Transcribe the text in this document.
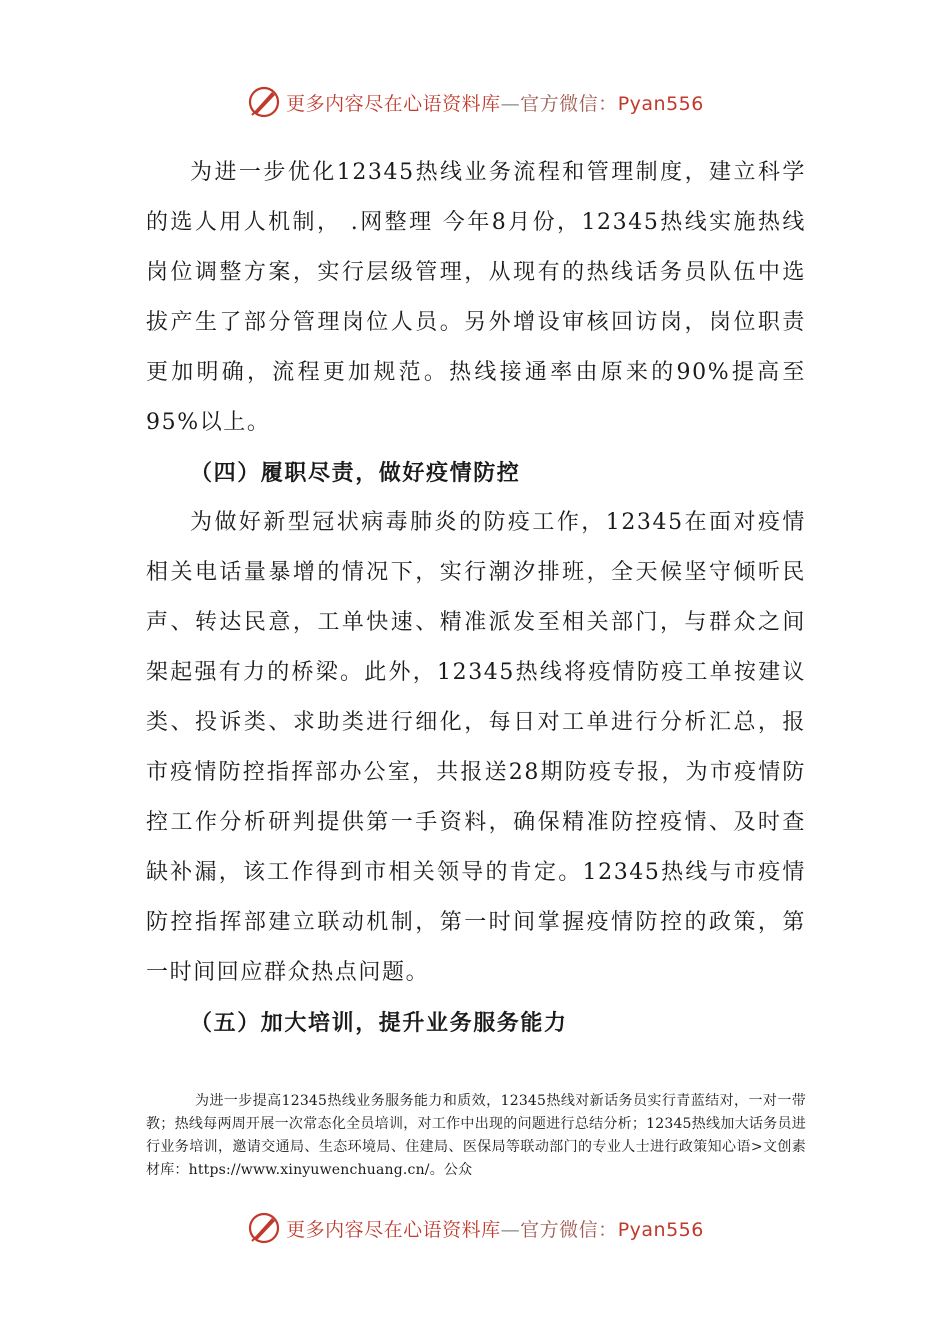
更多内容尽在心语资料库—官方微信：Pyan556

为进一步优化12345热线业务流程和管理制度，建立科学的选人用人机制， .网整理 今年8月份，12345热线实施热线岗位调整方案，实行层级管理，从现有的热线话务员队伍中选拔产生了部分管理岗位人员。另外增设审核回访岗，岗位职责更加明确，流程更加规范。热线接通率由原来的90%提高至95%以上。

（四）履职尽责，做好疫情防控

为做好新型冠状病毒肺炎的防疫工作，12345在面对疫情相关电话量暴增的情况下，实行潮汐排班，全天候坚守倾听民声、转达民意，工单快速、精准派发至相关部门，与群众之间架起强有力的桥梁。此外，12345热线将疫情防疫工单按建议类、投诉类、求助类进行细化，每日对工单进行分析汇总，报市疫情防控指挥部办公室，共报送28期防疫专报，为市疫情防控工作分析研判提供第一手资料，确保精准防控疫情、及时查缺补漏，该工作得到市相关领导的肯定。12345热线与市疫情防控指挥部建立联动机制，第一时间掌握疫情防控的政策，第一时间回应群众热点问题。

（五）加大培训，提升业务服务能力

为进一步提高12345热线业务服务能力和质效，12345热线对新话务员实行青蓝结对，一对一带教；热线每两周开展一次常态化全员培训，对工作中出现的问题进行总结分析；12345热线加大话务员进行业务培训，邀请交通局、生态环境局、住建局、医保局等联动部门的专业人士进行政策知心语>文创素材库：https://www.xinyuwenchuang.cn/。公众

更多内容尽在心语资料库—官方微信：Pyan556
